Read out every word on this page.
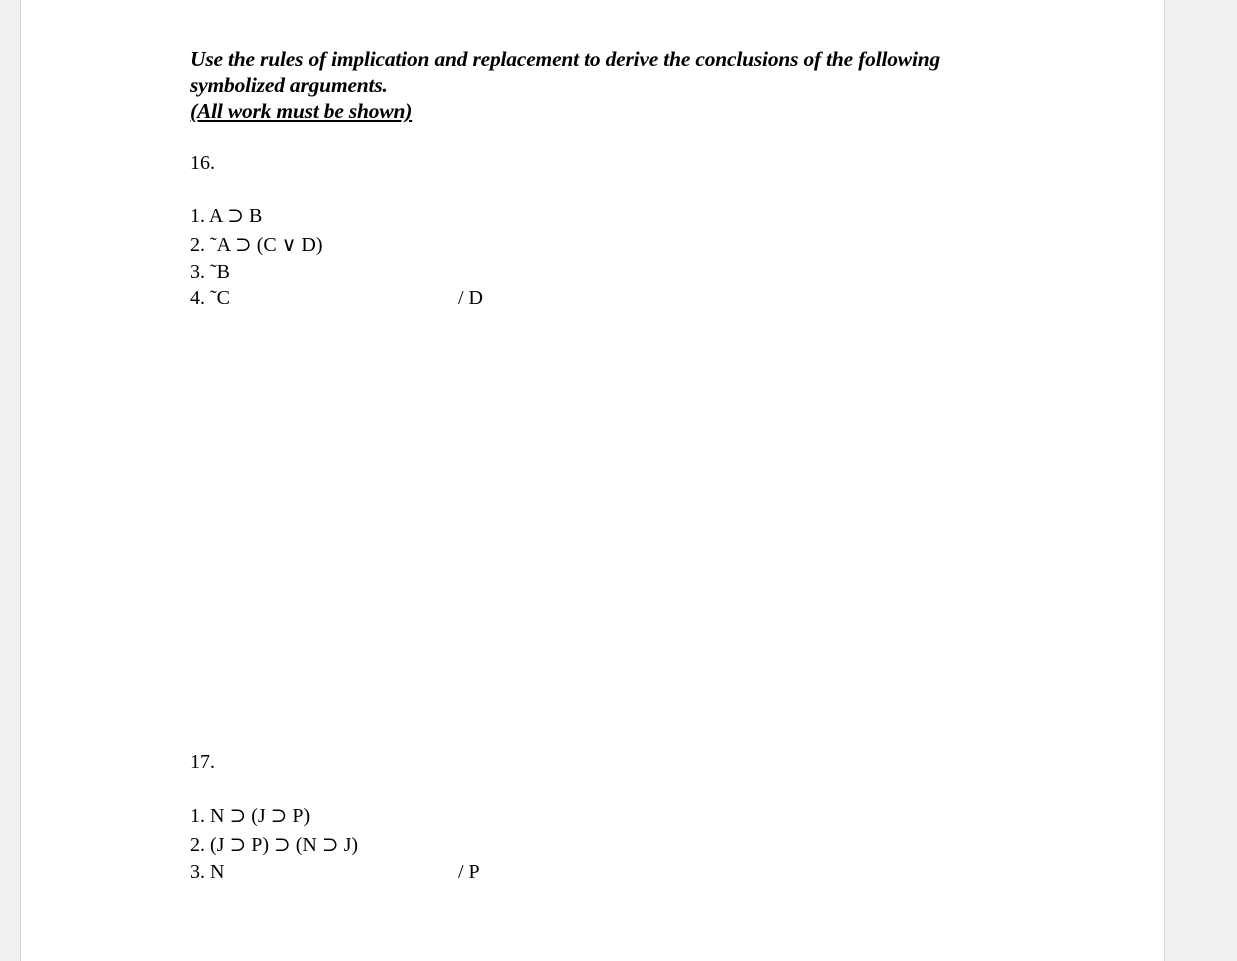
Use the rules of implication and replacement to derive the conclusions of the following
symbolized arguments.
(All work must be shown)
16.
1. A ⊃ B
2. ˜A ⊃ (C ∨ D)
3. ˜B
4. ˜C	/ D
17.
1. N ⊃ (J ⊃ P)
2. (J ⊃ P) ⊃ (N ⊃ J)
3. N	/ P
